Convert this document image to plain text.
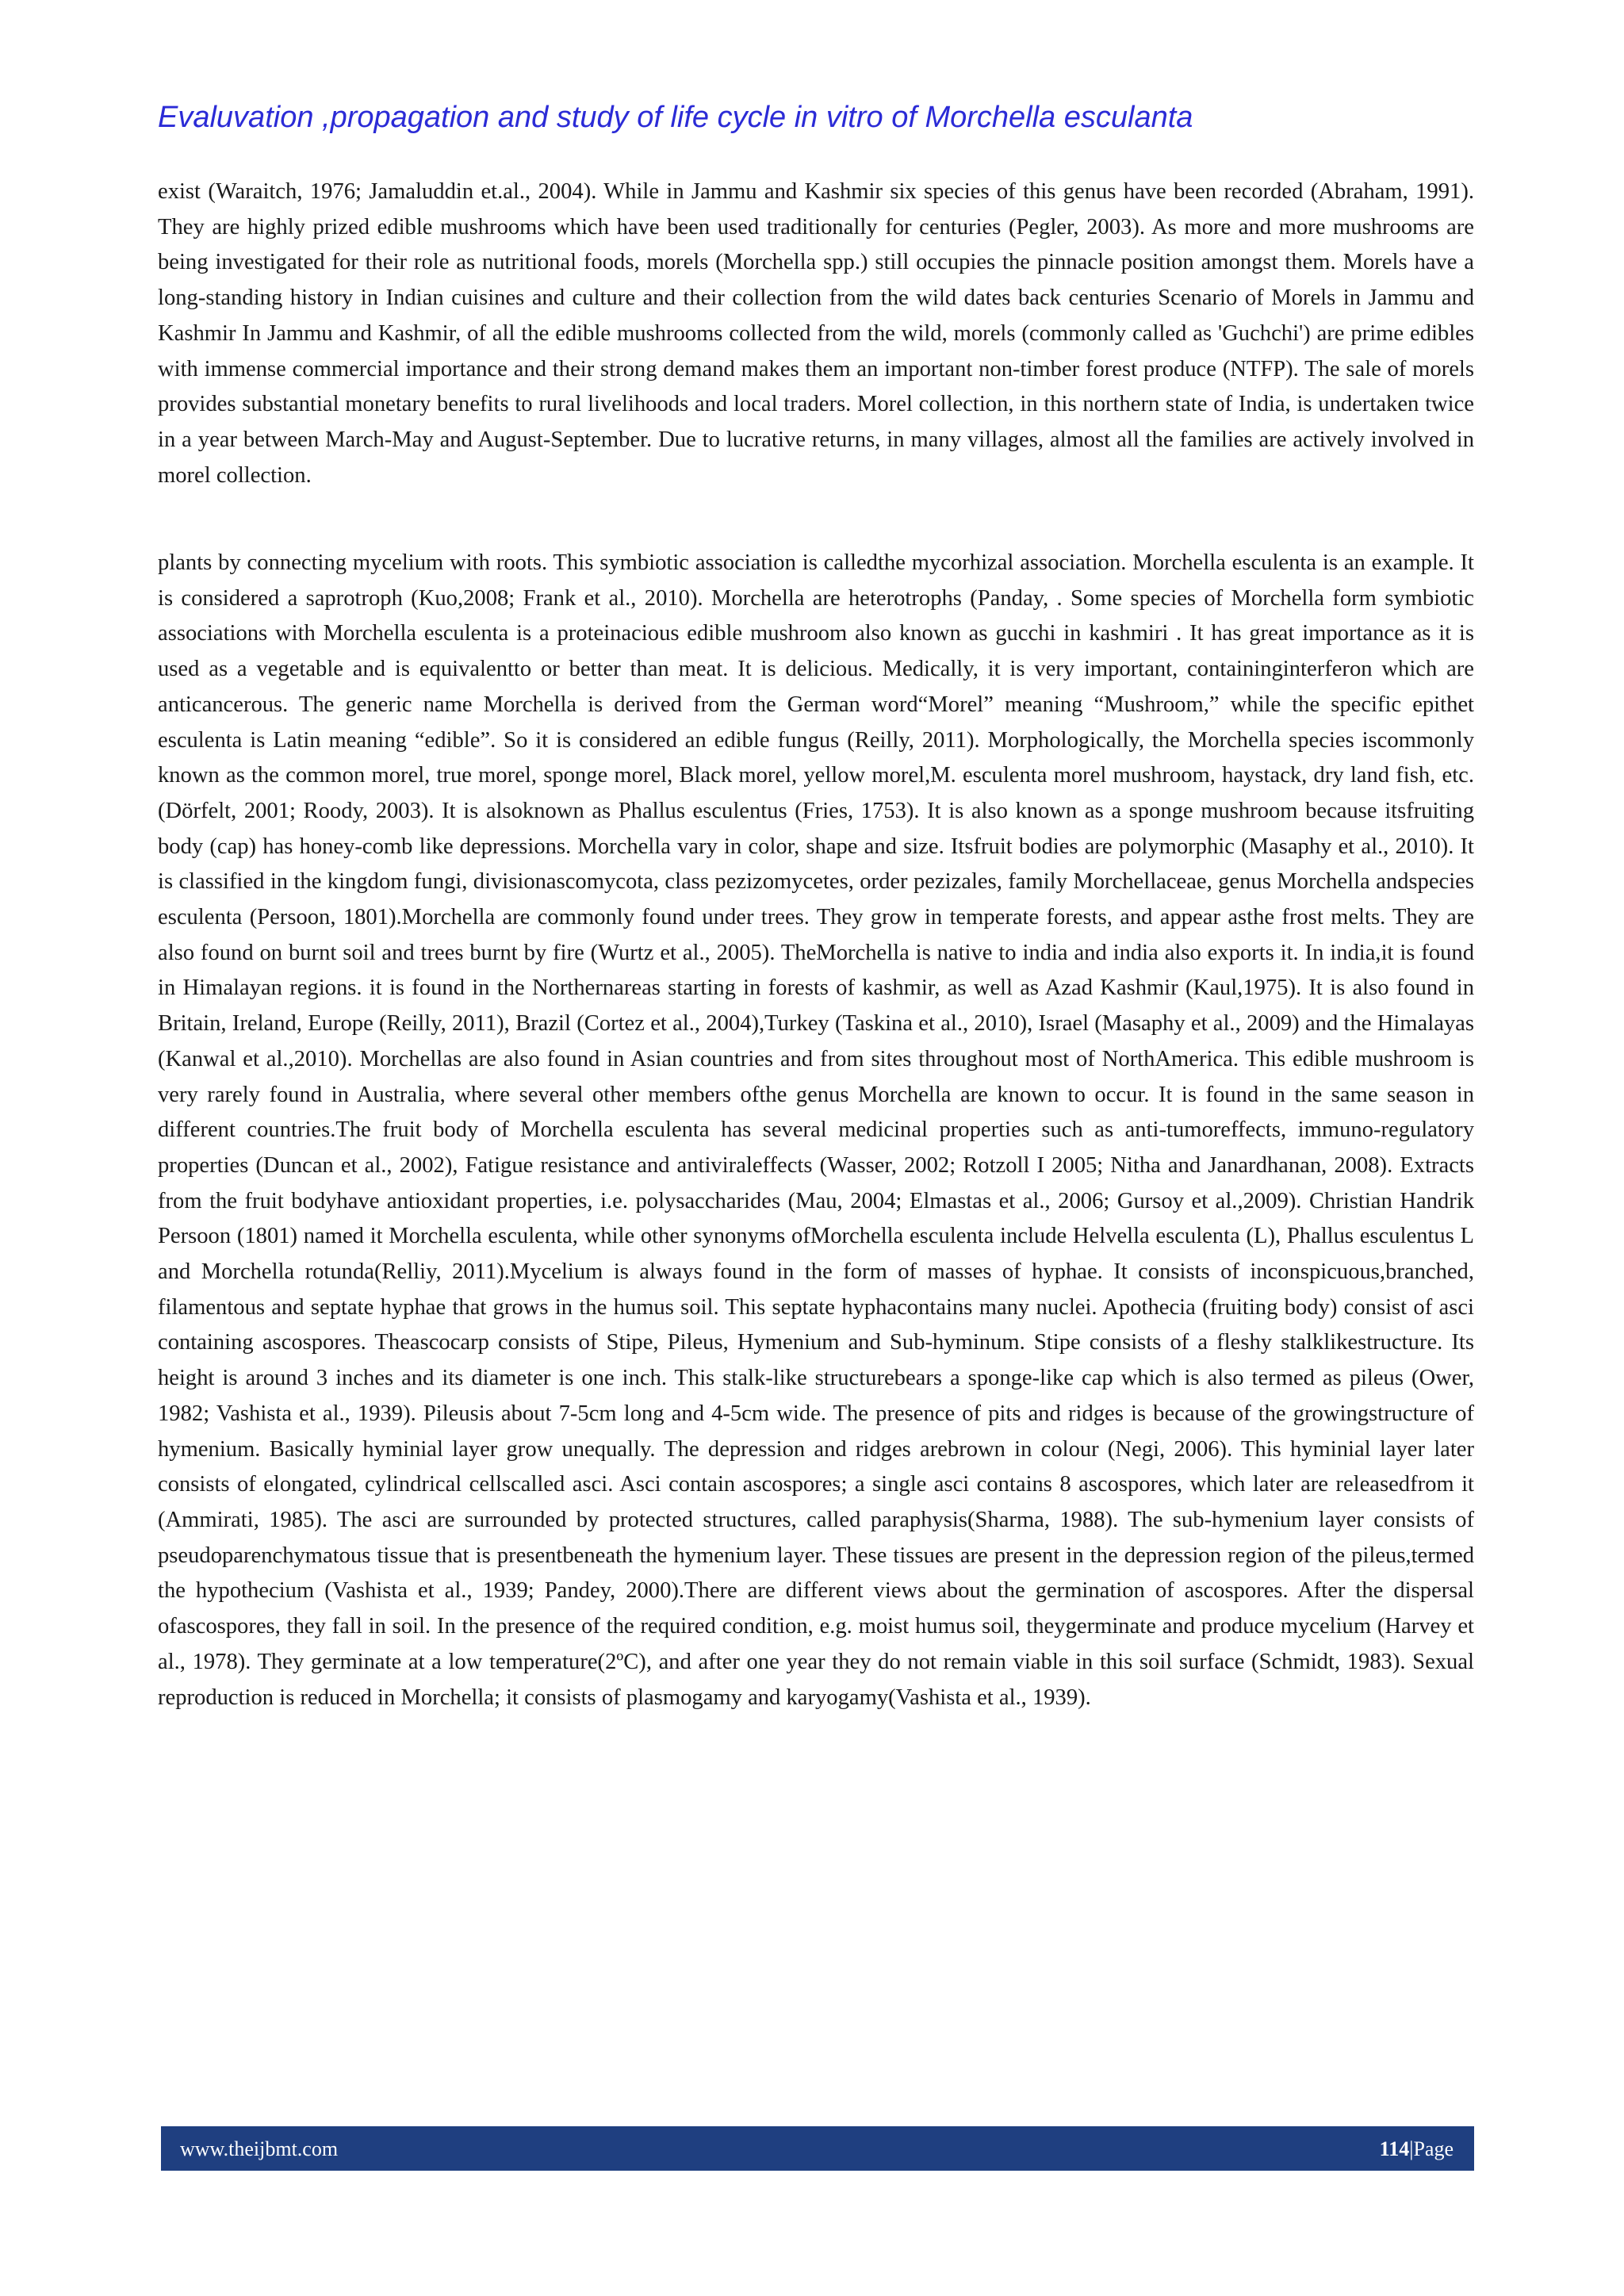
Evaluvation ,propagation and study of life cycle in vitro of Morchella esculanta
exist (Waraitch, 1976; Jamaluddin et.al., 2004). While in Jammu and Kashmir six species of this genus have been recorded (Abraham, 1991). They are highly prized edible mushrooms which have been used traditionally for centuries (Pegler, 2003). As more and more mushrooms are being investigated for their role as nutritional foods, morels (Morchella spp.) still occupies the pinnacle position amongst them. Morels have a long-standing history in Indian cuisines and culture and their collection from the wild dates back centuries Scenario of Morels in Jammu and Kashmir In Jammu and Kashmir, of all the edible mushrooms collected from the wild, morels (commonly called as 'Guchchi') are prime edibles with immense commercial importance and their strong demand makes them an important non-timber forest produce (NTFP). The sale of morels provides substantial monetary benefits to rural livelihoods and local traders. Morel collection, in this northern state of India, is undertaken twice in a year between March-May and August-September. Due to lucrative returns, in many villages, almost all the families are actively involved in morel collection.
plants by connecting mycelium with roots. This symbiotic association is calledthe mycorhizal association. Morchella esculenta is an example. It is considered a saprotroph (Kuo,2008; Frank et al., 2010). Morchella are heterotrophs (Panday, . Some species of Morchella form symbiotic associations with Morchella esculenta is a proteinacious edible mushroom also known as gucchi in kashmiri . It has great importance as it is used as a vegetable and is equivalentto or better than meat. It is delicious. Medically, it is very important, containinginterferon which are anticancerous. The generic name Morchella is derived from the German word“Morel” meaning “Mushroom,” while the specific epithet esculenta is Latin meaning “edible”. So it is considered an edible fungus (Reilly, 2011). Morphologically, the Morchella species iscommonly known as the common morel, true morel, sponge morel, Black morel, yellow morel,M. esculenta morel mushroom, haystack, dry land fish, etc. (Dörfelt, 2001; Roody, 2003). It is alsoknown as Phallus esculentus (Fries, 1753). It is also known as a sponge mushroom because itsfruiting body (cap) has honey-comb like depressions. Morchella vary in color, shape and size. Itsfruit bodies are polymorphic (Masaphy et al., 2010). It is classified in the kingdom fungi, divisionascomycota, class pezizomycetes, order pezizales, family Morchellaceae, genus Morchella andspecies esculenta (Persoon, 1801).Morchella are commonly found under trees. They grow in temperate forests, and appear asthe frost melts. They are also found on burnt soil and trees burnt by fire (Wurtz et al., 2005). TheMorchella is native to india and india also exports it. In india,it is found in Himalayan regions. it is found in the Northernareas starting in forests of kashmir, as well as Azad Kashmir (Kaul,1975). It is also found in Britain, Ireland, Europe (Reilly, 2011), Brazil (Cortez et al., 2004),Turkey (Taskina et al., 2010), Israel (Masaphy et al., 2009) and the Himalayas (Kanwal et al.,2010). Morchellas are also found in Asian countries and from sites throughout most of NorthAmerica. This edible mushroom is very rarely found in Australia, where several other members ofthe genus Morchella are known to occur. It is found in the same season in different countries.The fruit body of Morchella esculenta has several medicinal properties such as anti-tumoreffects, immuno-regulatory properties (Duncan et al., 2002), Fatigue resistance and antiviraleffects (Wasser, 2002; Rotzoll I 2005; Nitha and Janardhanan, 2008). Extracts from the fruit bodyhave antioxidant properties, i.e. polysaccharides (Mau, 2004; Elmastas et al., 2006; Gursoy et al.,2009). Christian Handrik Persoon (1801) named it Morchella esculenta, while other synonyms ofMorchella esculenta include Helvella esculenta (L), Phallus esculentus L and Morchella rotunda(Relliy, 2011).Mycelium is always found in the form of masses of hyphae. It consists of inconspicuous,branched, filamentous and septate hyphae that grows in the humus soil. This septate hyphacontains many nuclei. Apothecia (fruiting body) consist of asci containing ascospores. Theascocarp consists of Stipe, Pileus, Hymenium and Sub-hyminum. Stipe consists of a fleshy stalklikestructure. Its height is around 3 inches and its diameter is one inch. This stalk-like structurebears a sponge-like cap which is also termed as pileus (Ower, 1982; Vashista et al., 1939). Pileusis about 7-5cm long and 4-5cm wide. The presence of pits and ridges is because of the growingstructure of hymenium. Basically hyminial layer grow unequally. The depression and ridges arebrown in colour (Negi, 2006). This hyminial layer later consists of elongated, cylindrical cellscalled asci. Asci contain ascospores; a single asci contains 8 ascospores, which later are releasedfrom it (Ammirati, 1985). The asci are surrounded by protected structures, called paraphysis(Sharma, 1988). The sub-hymenium layer consists of pseudoparenchymatous tissue that is presentbeneath the hymenium layer. These tissues are present in the depression region of the pileus,termed the hypothecium (Vashista et al., 1939; Pandey, 2000).There are different views about the germination of ascospores. After the dispersal ofascospores, they fall in soil. In the presence of the required condition, e.g. moist humus soil, theygerminate and produce mycelium (Harvey et al., 1978). They germinate at a low temperature(2ºC), and after one year they do not remain viable in this soil surface (Schmidt, 1983). Sexual reproduction is reduced in Morchella; it consists of plasmogamy and karyogamy(Vashista et al., 1939).
www.theijbmt.com	114|Page
